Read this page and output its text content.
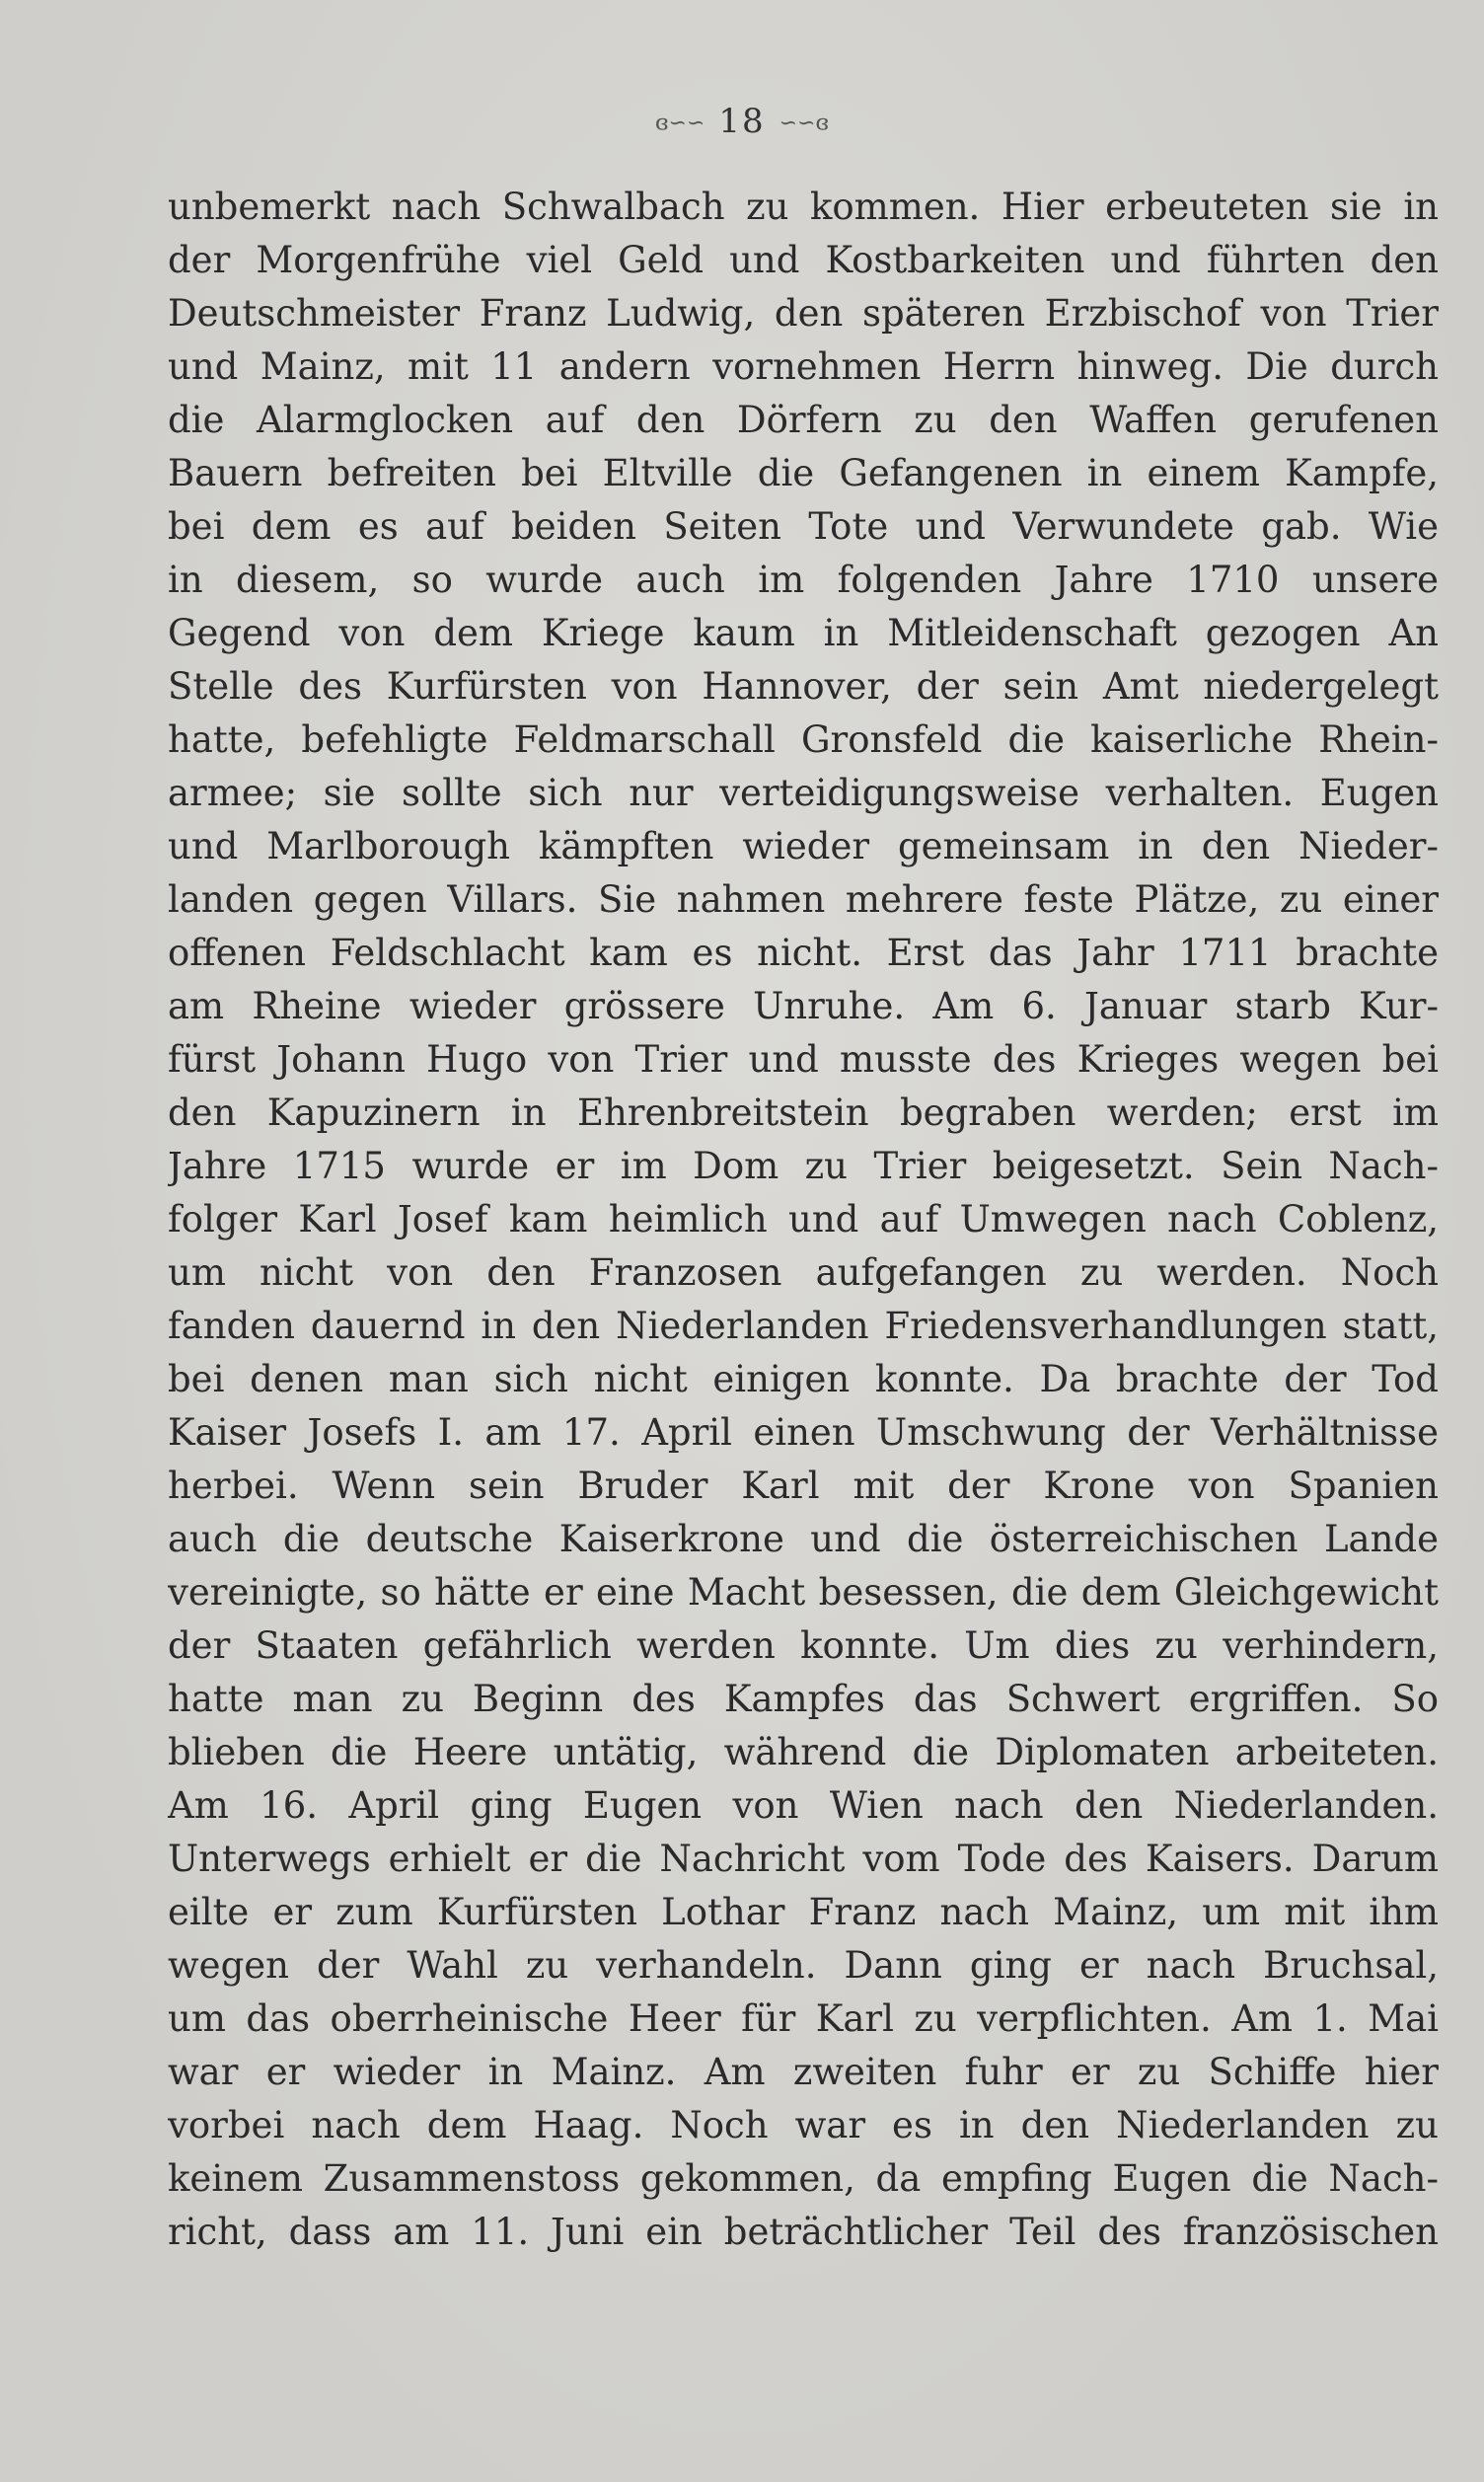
ɞ∽∽ 18 ∽∽ɞ
unbemerkt nach Schwalbach zu kommen. Hier erbeuteten sie in
der Morgenfrühe viel Geld und Kostbarkeiten und führten den
Deutschmeister Franz Ludwig, den späteren Erzbischof von Trier
und Mainz, mit 11 andern vornehmen Herrn hinweg. Die durch
die Alarmglocken auf den Dörfern zu den Waffen gerufenen
Bauern befreiten bei Eltville die Gefangenen in einem Kampfe,
bei dem es auf beiden Seiten Tote und Verwundete gab. Wie
in diesem, so wurde auch im folgenden Jahre 1710 unsere
Gegend von dem Kriege kaum in Mitleidenschaft gezogen An
Stelle des Kurfürsten von Hannover, der sein Amt niedergelegt
hatte, befehligte Feldmarschall Gronsfeld die kaiserliche Rhein-
armee; sie sollte sich nur verteidigungsweise verhalten. Eugen
und Marlborough kämpften wieder gemeinsam in den Nieder-
landen gegen Villars. Sie nahmen mehrere feste Plätze, zu einer
offenen Feldschlacht kam es nicht. Erst das Jahr 1711 brachte
am Rheine wieder grössere Unruhe. Am 6. Januar starb Kur-
fürst Johann Hugo von Trier und musste des Krieges wegen bei
den Kapuzinern in Ehrenbreitstein begraben werden; erst im
Jahre 1715 wurde er im Dom zu Trier beigesetzt. Sein Nach-
folger Karl Josef kam heimlich und auf Umwegen nach Coblenz,
um nicht von den Franzosen aufgefangen zu werden. Noch
fanden dauernd in den Niederlanden Friedensverhandlungen statt,
bei denen man sich nicht einigen konnte. Da brachte der Tod
Kaiser Josefs I. am 17. April einen Umschwung der Verhältnisse
herbei. Wenn sein Bruder Karl mit der Krone von Spanien
auch die deutsche Kaiserkrone und die österreichischen Lande
vereinigte, so hätte er eine Macht besessen, die dem Gleichgewicht
der Staaten gefährlich werden konnte. Um dies zu verhindern,
hatte man zu Beginn des Kampfes das Schwert ergriffen. So
blieben die Heere untätig, während die Diplomaten arbeiteten.
Am 16. April ging Eugen von Wien nach den Niederlanden.
Unterwegs erhielt er die Nachricht vom Tode des Kaisers. Darum
eilte er zum Kurfürsten Lothar Franz nach Mainz, um mit ihm
wegen der Wahl zu verhandeln. Dann ging er nach Bruchsal,
um das oberrheinische Heer für Karl zu verpflichten. Am 1. Mai
war er wieder in Mainz. Am zweiten fuhr er zu Schiffe hier
vorbei nach dem Haag. Noch war es in den Niederlanden zu
keinem Zusammenstoss gekommen, da empfing Eugen die Nach-
richt, dass am 11. Juni ein beträchtlicher Teil des französischen
